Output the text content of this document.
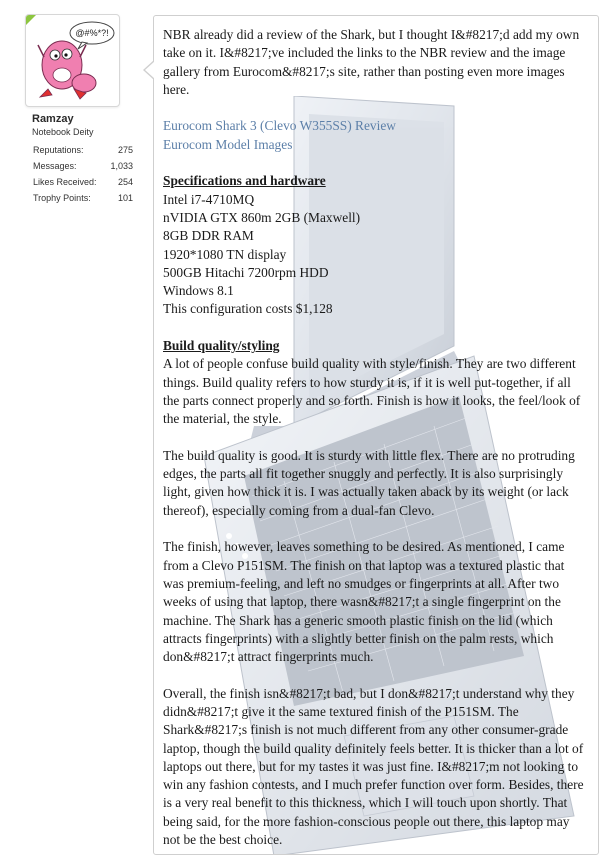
@#%*?!
Ramzay
Notebook Deity
Reputations:	275
Messages:	1,033
Likes Received: 254
Trophy Points:	101

NBR already did a review of the Shark, but I thought I&#8217;d add my own take on it. I&#8217;ve included the links to the NBR review and the image gallery from Eurocom&#8217;s site, rather than posting even more images here.

Eurocom Shark 3 (Clevo W355SS) Review
Eurocom Model Images

Specifications and hardware
Intel i7-4710MQ
nVIDIA GTX 860m 2GB (Maxwell)
8GB DDR RAM
1920*1080 TN display
500GB Hitachi 7200rpm HDD
Windows 8.1
This configuration costs $1,128

Build quality/styling
A lot of people confuse build quality with style/finish. They are two different things. Build quality refers to how sturdy it is, if it is well put-together, if all the parts connect properly and so forth. Finish is how it looks, the feel/look of the material, the style.

The build quality is good. It is sturdy with little flex. There are no protruding edges, the parts all fit together snuggly and perfectly. It is also surprisingly light, given how thick it is. I was actually taken aback by its weight (or lack thereof), especially coming from a dual-fan Clevo.

The finish, however, leaves something to be desired. As mentioned, I came from a Clevo P151SM. The finish on that laptop was a textured plastic that was premium-feeling, and left no smudges or fingerprints at all. After two weeks of using that laptop, there wasn&#8217;t a single fingerprint on the machine. The Shark has a generic smooth plastic finish on the lid (which attracts fingerprints) with a slightly better finish on the palm rests, which don&#8217;t attract fingerprints much.

Overall, the finish isn&#8217;t bad, but I don&#8217;t understand why they didn&#8217;t give it the same textured finish of the P151SM. The Shark&#8217;s finish is not much different from any other consumer-grade laptop, though the build quality definitely feels better. It is thicker than a lot of laptops out there, but for my tastes it was just fine. I&#8217;m not looking to win any fashion contests, and I much prefer function over form. Besides, there is a very real benefit to this thickness, which I will touch upon shortly. That being said, for the more fashion-conscious people out there, this laptop may not be the best choice.
